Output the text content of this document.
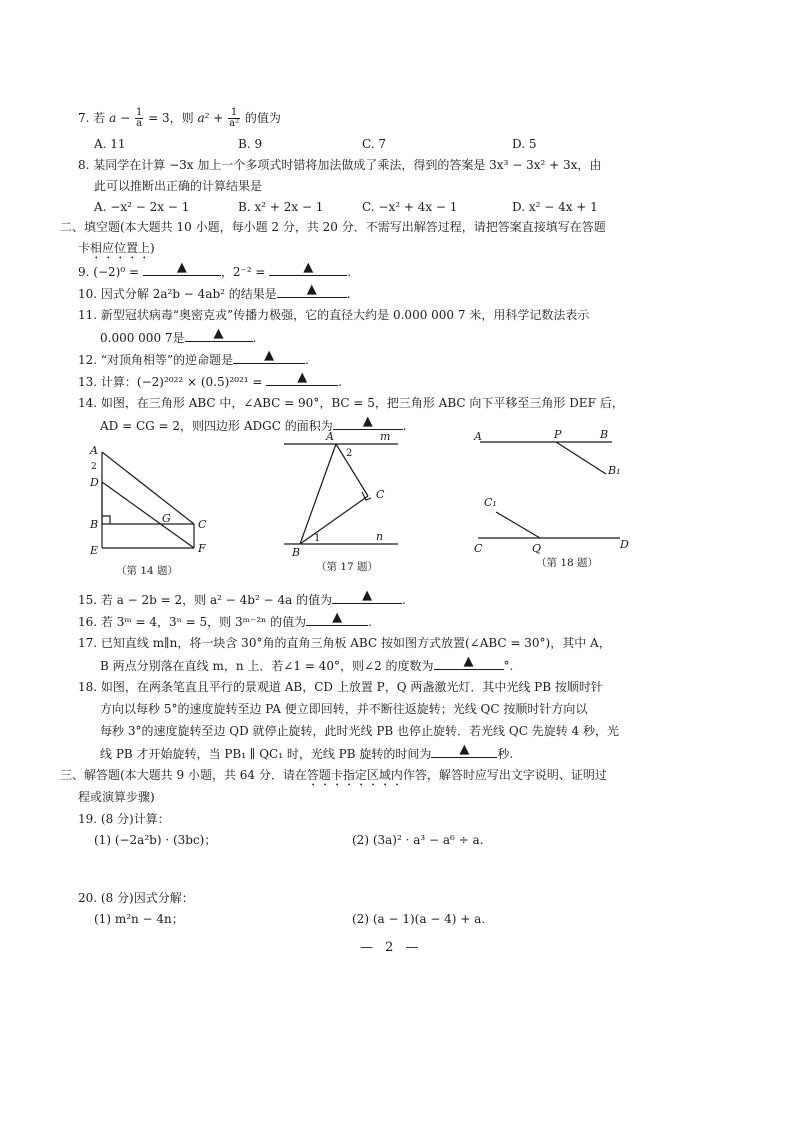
7. 若 $a - \frac{1}{a} = 3$，则 $a^2 + \frac{1}{\text{a²}}$ 的值为
A. 11	B. 9	C. 7	D. 5
8. 某同学在计算 −3x 加上一个多项式时错将加法做成了乘法，得到的答案是 3x³ − 3x² + 3x，由
此可以推断出正确的计算结果是
A. −x² − 2x − 1	B. x² + 2x − 1	C. −x² + 4x − 1	D. x² − 4x + 1
二、填空题(本大题共 10 小题，每小题 2 分，共 20 分．不需写出解答过程，请把答案直接填写在答题
卡相应位置上)
9. (−2)⁰ =	▲	，2⁻² =	▲	.
10. 因式分解 2a²b − 4ab² 的结果是 ▲	.
11. 新型冠状病毒“奥密克戎”传播力极强，它的直径大约是 0.000 000 7 米，用科学记数法表示
0.000 000 7是 ▲ .
12. “对顶角相等”的逆命题是 ▲	.
13. 计算：(−2)²⁰²² × (0.5)²⁰²¹ = ▲	.
14. 如图，在三角形 ABC 中，∠ABC = 90°，BC = 5，把三角形 ABC 向下平移至三角形 DEF 后，
AD = CG = 2，则四边形 ADGC 的面积为 ▲	.
A
2
D
B	G C
E	F
（第 14 题）
A	m
2
C
B
1	n
（第 17 题）
A	P	B
B₁
C₁
C	Q	D
（第 18 题）
15. 若 a − 2b = 2，则 a² − 4b² − 4a 的值为 ▲	.
16. 若 3ᵐ = 4，3ⁿ = 5，则 3ᵐ⁻²ⁿ 的值为 ▲ .
17. 已知直线 m∥n，将一块含 30°角的直角三角板 ABC 按如图方式放置(∠ABC = 30°)，其中 A，
B 两点分别落在直线 m，n 上．若∠1 = 40°，则∠2 的度数为 ▲	°.
18. 如图，在两条笔直且平行的景观道 AB，CD 上放置 P，Q 两盏激光灯．其中光线 PB 按顺时针
方向以每秒 5°的速度旋转至边 PA 便立即回转，并不断往返旋转；光线 QC 按顺时针方向以
每秒 3°的速度旋转至边 QD 就停止旋转，此时光线 PB 也停止旋转．若光线 QC 先旋转 4 秒，光
线 PB 才开始旋转，当 PB₁ ∥ QC₁ 时，光线 PB 旋转的时间为 ▲ 秒.
三、解答题(本大题共 9 小题，共 64 分．请在答题卡指定区域内作答，解答时应写出文字说明、证明过
程或演算步骤)
19. (8 分)计算：
(1) (−2a²b) · (3bc)；	(2) (3a)² · a³ − a⁶ ÷ a.
20. (8 分)因式分解：
(1) m²n − 4n；	(2) (a − 1)(a − 4) + a.
— 2 —
